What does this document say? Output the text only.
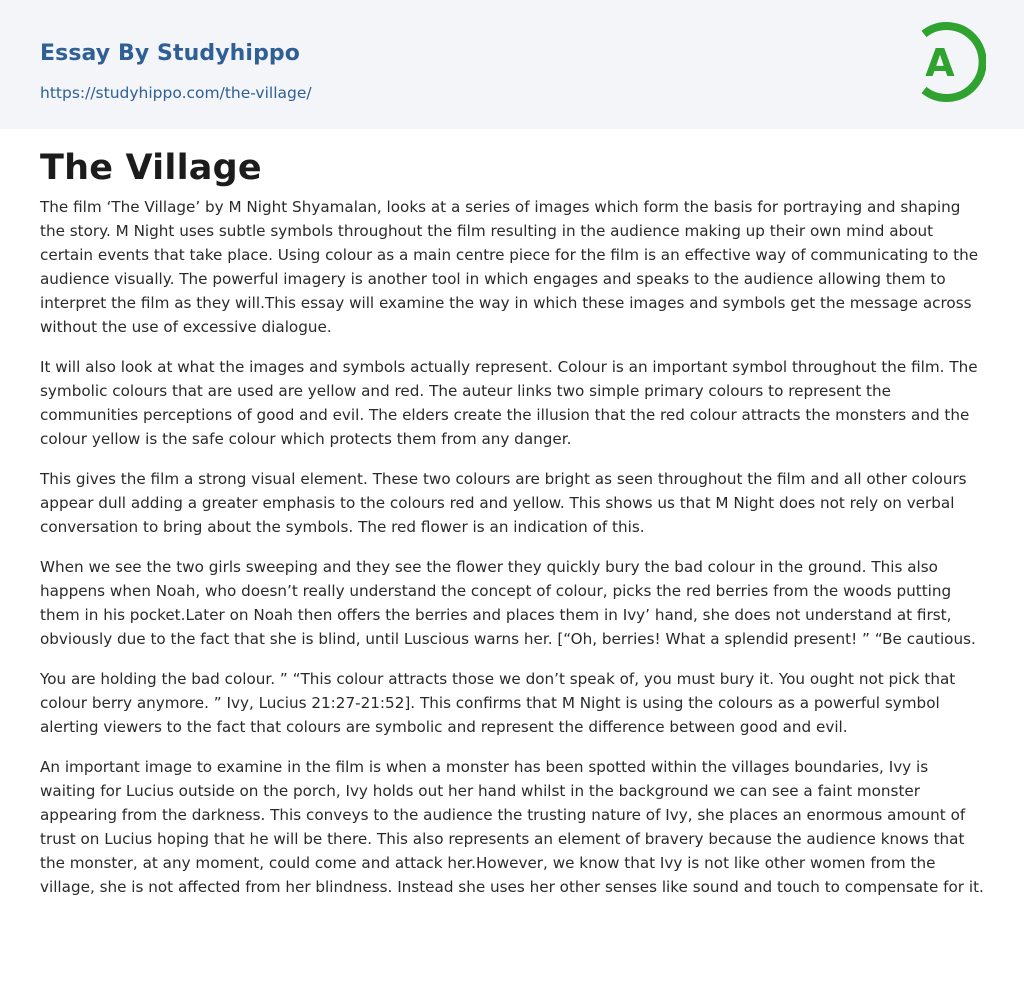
Essay By Studyhippo
https://studyhippo.com/the-village/
A
The Village

The film ‘The Village’ by M Night Shyamalan, looks at a series of images which form the basis for portraying and shaping the story. M Night uses subtle symbols throughout the film resulting in the audience making up their own mind about certain events that take place. Using colour as a main centre piece for the film is an effective way of communicating to the audience visually. The powerful imagery is another tool in which engages and speaks to the audience allowing them to interpret the film as they will.This essay will examine the way in which these images and symbols get the message across without the use of excessive dialogue.

It will also look at what the images and symbols actually represent. Colour is an important symbol throughout the film. The symbolic colours that are used are yellow and red. The auteur links two simple primary colours to represent the communities perceptions of good and evil. The elders create the illusion that the red colour attracts the monsters and the colour yellow is the safe colour which protects them from any danger.

This gives the film a strong visual element. These two colours are bright as seen throughout the film and all other colours appear dull adding a greater emphasis to the colours red and yellow. This shows us that M Night does not rely on verbal conversation to bring about the symbols. The red flower is an indication of this.

When we see the two girls sweeping and they see the flower they quickly bury the bad colour in the ground. This also happens when Noah, who doesn’t really understand the concept of colour, picks the red berries from the woods putting them in his pocket.Later on Noah then offers the berries and places them in Ivy’ hand, she does not understand at first, obviously due to the fact that she is blind, until Luscious warns her. [“Oh, berries! What a splendid present! ” “Be cautious.

You are holding the bad colour. ” “This colour attracts those we don’t speak of, you must bury it. You ought not pick that colour berry anymore. ” Ivy, Lucius 21:27-21:52]. This confirms that M Night is using the colours as a powerful symbol alerting viewers to the fact that colours are symbolic and represent the difference between good and evil.

An important image to examine in the film is when a monster has been spotted within the villages boundaries, Ivy is waiting for Lucius outside on the porch, Ivy holds out her hand whilst in the background we can see a faint monster appearing from the darkness. This conveys to the audience the trusting nature of Ivy, she places an enormous amount of trust on Lucius hoping that he will be there. This also represents an element of bravery because the audience knows that the monster, at any moment, could come and attack her.However, we know that Ivy is not like other women from the village, she is not affected from her blindness. Instead she uses her other senses like sound and touch to compensate for it.
